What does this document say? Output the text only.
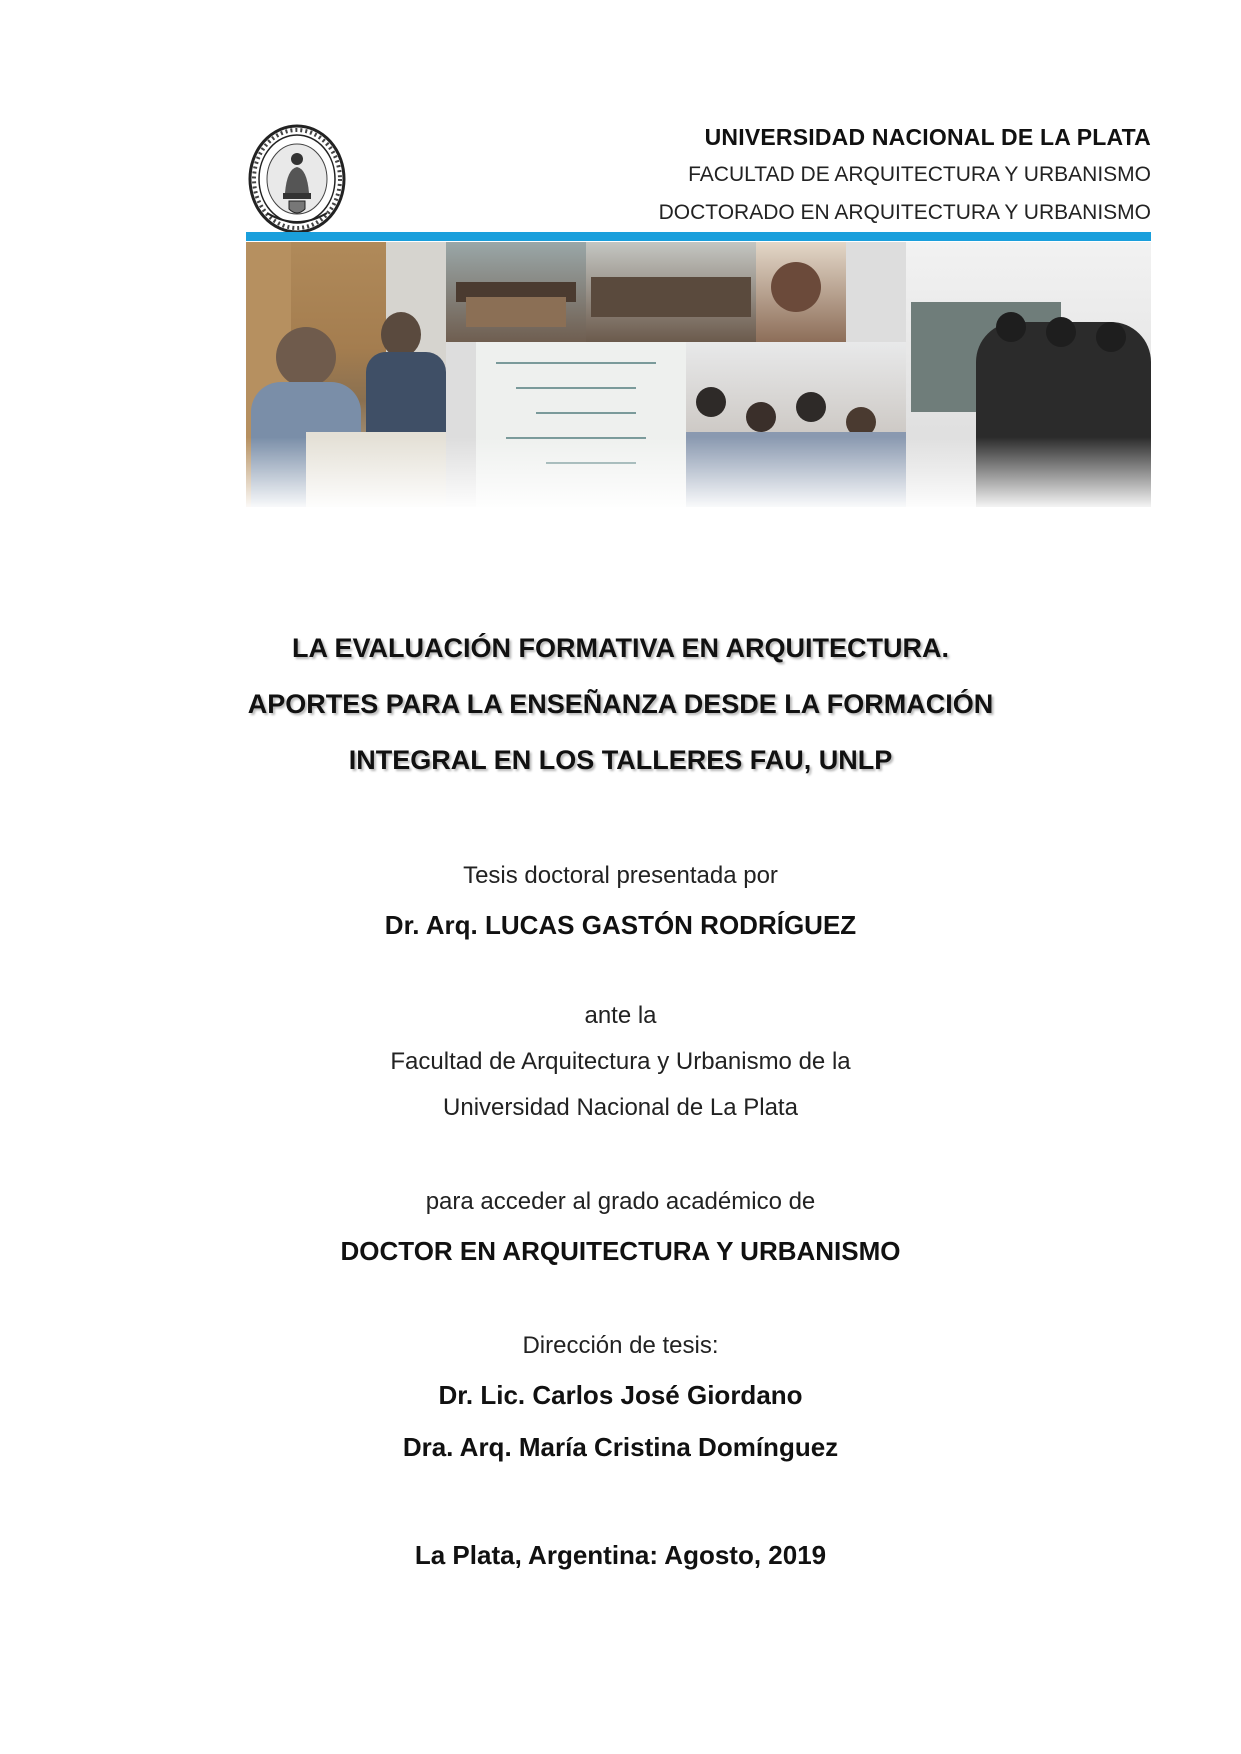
UNIVERSIDAD NACIONAL DE LA PLATA
FACULTAD DE ARQUITECTURA Y URBANISMO
DOCTORADO EN ARQUITECTURA Y URBANISMO
LA EVALUACIÓN FORMATIVA EN ARQUITECTURA.
APORTES PARA LA ENSEÑANZA DESDE LA FORMACIÓN
INTEGRAL EN LOS TALLERES FAU, UNLP
Tesis doctoral presentada por
Dr. Arq. LUCAS GASTÓN RODRÍGUEZ
ante la
Facultad de Arquitectura y Urbanismo de la
Universidad Nacional de La Plata
para acceder al grado académico de
DOCTOR EN ARQUITECTURA Y URBANISMO
Dirección de tesis:
Dr. Lic. Carlos José Giordano
Dra. Arq. María Cristina Domínguez
La Plata, Argentina: Agosto, 2019
